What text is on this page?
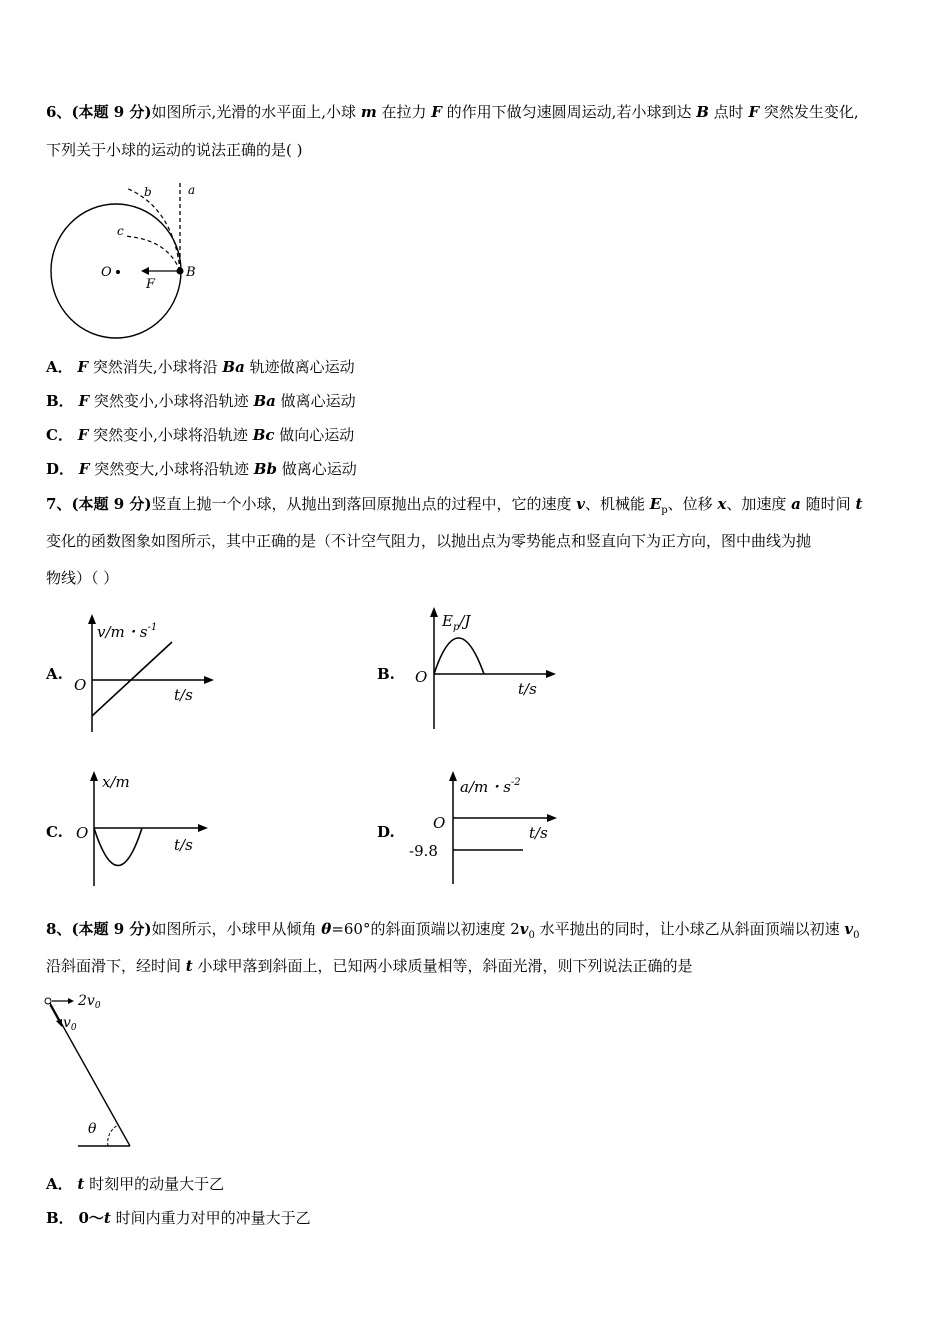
6、(本题 9 分)如图所示,光滑的水平面上,小球 m 在拉力 F 的作用下做匀速圆周运动,若小球到达 B 点时 F 突然发生变化,
下列关于小球的运动的说法正确的是( )
O	B
F
a
b
c
A． F 突然消失,小球将沿 Ba 轨迹做离心运动
B． F 突然变小,小球将沿轨迹 Ba 做离心运动
C． F 突然变小,小球将沿轨迹 Bc 做向心运动
D． F 突然变大,小球将沿轨迹 Bb 做离心运动
7、(本题 9 分)竖直上抛一个小球，从抛出到落回原抛出点的过程中，它的速度 v、机械能 $E_p$、位移 x、加速度 a 随时间 t
变化的函数图象如图所示，其中正确的是（不计空气阻力，以抛出点为零势能点和竖直向下为正方向，图中曲线为抛
物线）（ ）
A.
v/m・$s^{-1}$
O
t/s
B.
$E_p/J$
O
t/s
C.
x/m
O
t/s
D.
a/m・$s^{-2}$
O
t/s
-9.8
8、(本题 9 分)如图所示，小球甲从倾角 θ=60°的斜面顶端以初速度 $2v_0$ 水平抛出的同时，让小球乙从斜面顶端以初速 $v_0$
沿斜面滑下，经时间 t 小球甲落到斜面上，已知两小球质量相等，斜面光滑，则下列说法正确的是
$2v_0$
$v_0$
θ
A． t 时刻甲的动量大于乙
B． 0～t 时间内重力对甲的冲量大于乙
